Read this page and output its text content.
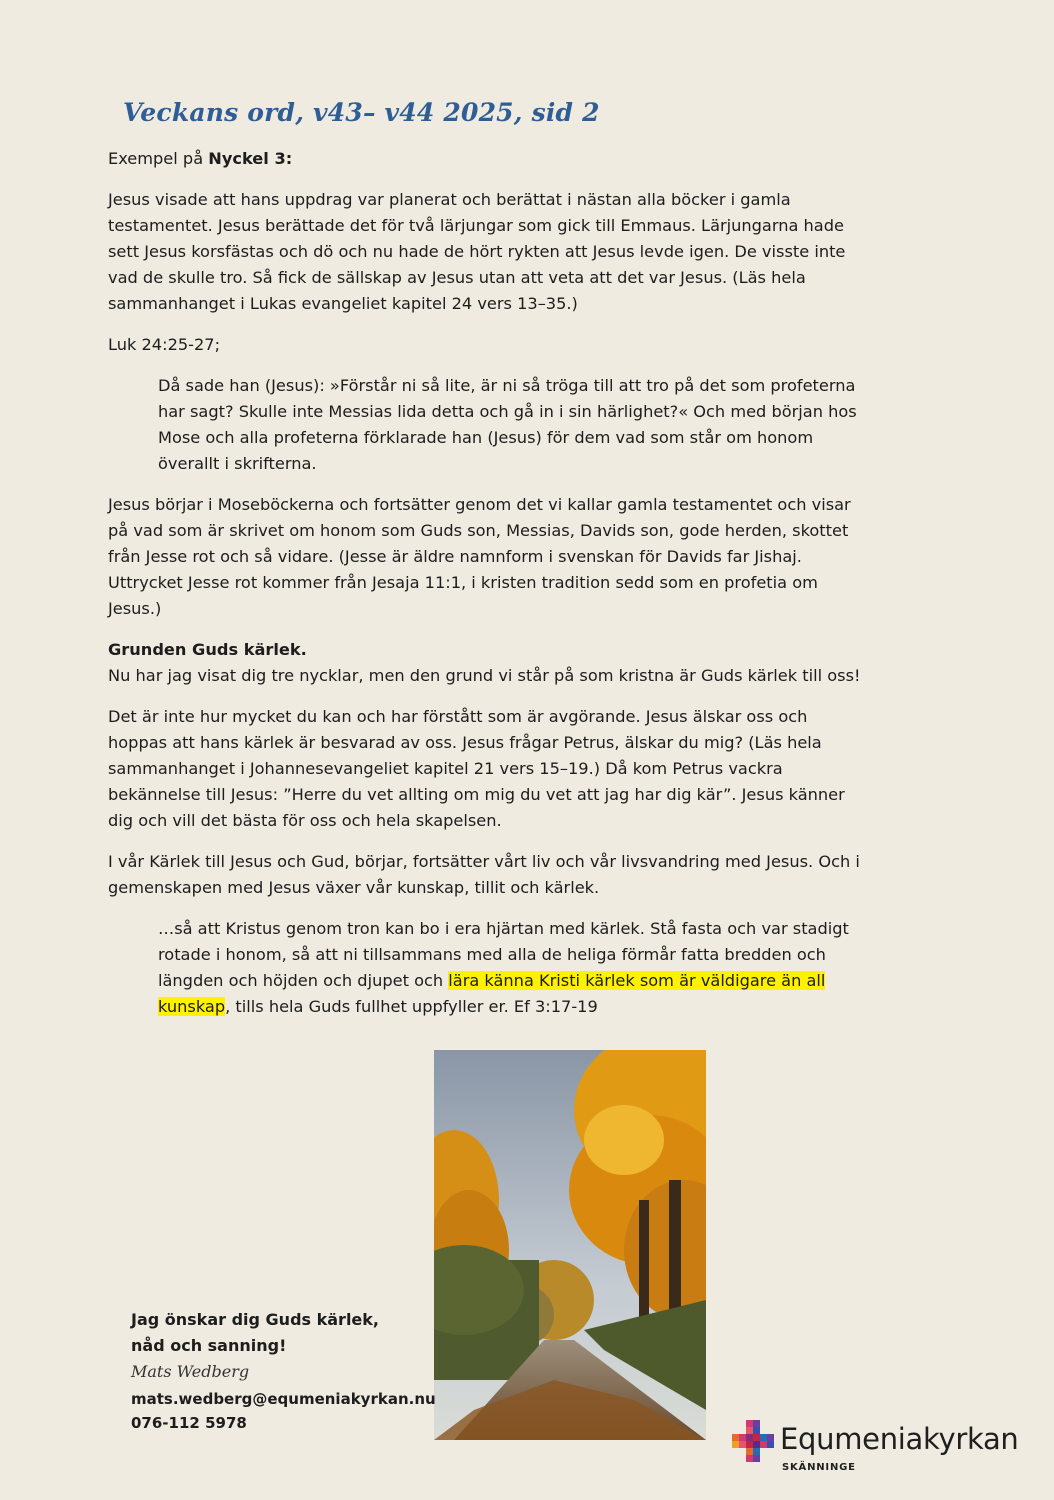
Veckans ord, v43– v44 2025, sid 2

Exempel på Nyckel 3:

Jesus visade att hans uppdrag var planerat och berättat i nästan alla böcker i gamla testamentet. Jesus berättade det för två lärjungar som gick till Emmaus. Lärjungarna hade sett Jesus korsfästas och dö och nu hade de hört rykten att Jesus levde igen. De visste inte vad de skulle tro. Så fick de sällskap av Jesus utan att veta att det var Jesus. (Läs hela sammanhanget i Lukas evangeliet kapitel 24 vers 13–35.)

Luk 24:25-27;

Då sade han (Jesus): »Förstår ni så lite, är ni så tröga till att tro på det som profeterna har sagt? Skulle inte Messias lida detta och gå in i sin härlighet?« Och med början hos Mose och alla profeterna förklarade han (Jesus) för dem vad som står om honom överallt i skrifterna.

Jesus börjar i Moseböckerna och fortsätter genom det vi kallar gamla testamentet och visar på vad som är skrivet om honom som Guds son, Messias, Davids son, gode herden, skottet från Jesse rot och så vidare. (Jesse är äldre namnform i svenskan för Davids far Jishaj. Uttrycket Jesse rot kommer från Jesaja 11:1, i kristen tradition sedd som en profetia om Jesus.)

Grunden Guds kärlek.

Nu har jag visat dig tre nycklar, men den grund vi står på som kristna är Guds kärlek till oss!

Det är inte hur mycket du kan och har förstått som är avgörande. Jesus älskar oss och hoppas att hans kärlek är besvarad av oss. Jesus frågar Petrus, älskar du mig? (Läs hela sammanhanget i Johannesevangeliet kapitel 21 vers 15–19.) Då kom Petrus vackra bekännelse till Jesus: ”Herre du vet allting om mig du vet att jag har dig kär”. Jesus känner dig och vill det bästa för oss och hela skapelsen.

I vår Kärlek till Jesus och Gud, börjar, fortsätter vårt liv och vår livsvandring med Jesus. Och i gemenskapen med Jesus växer vår kunskap, tillit och kärlek.

…så att Kristus genom tron kan bo i era hjärtan med kärlek. Stå fasta och var stadigt rotade i honom, så att ni tillsammans med alla de heliga förmår fatta bredden och längden och höjden och djupet och lära känna Kristi kärlek som är väldigare än all kunskap, tills hela Guds fullhet uppfyller er. Ef 3:17-19

Jag önskar dig Guds kärlek,
nåd och sanning!
Mats Wedberg
mats.wedberg@equmeniakyrkan.nu
076-112 5978	Equmeniakyrkan
SKÄNNINGE
